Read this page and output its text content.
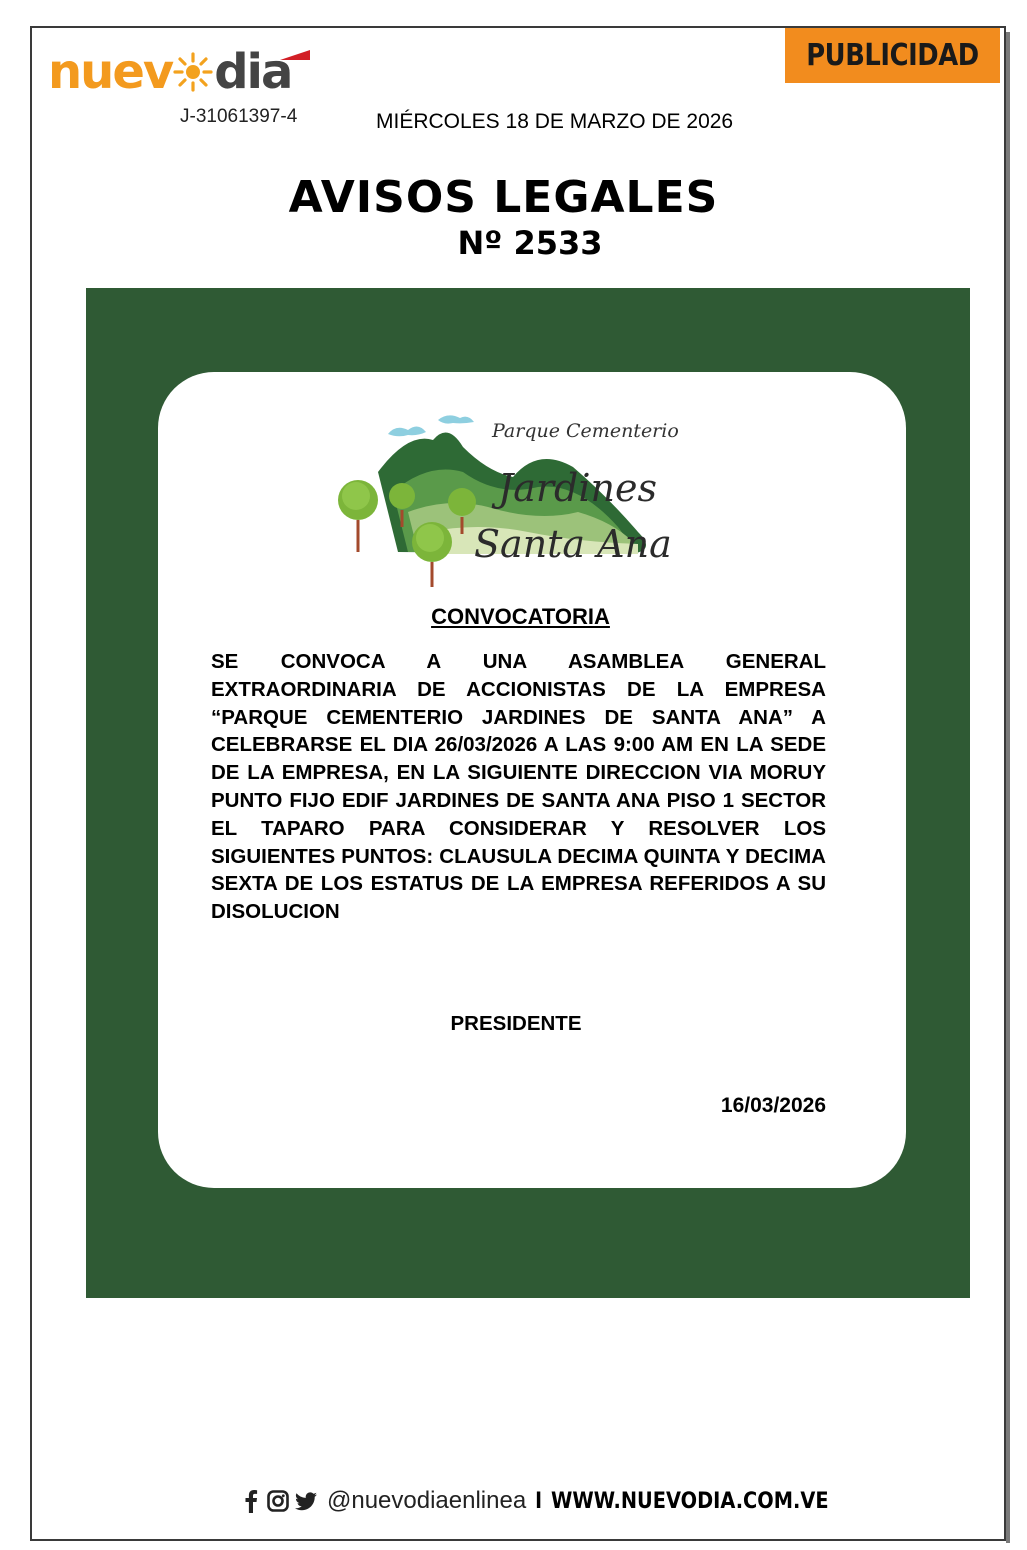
nuev dia
J-31061397-4
PUBLICIDAD
MIÉRCOLES 18 DE MARZO DE 2026
AVISOS LEGALES
Nº 2533
Parque Cementerio
Jardines
Santa Ana
CONVOCATORIA
SE CONVOCA A UNA ASAMBLEA GENERAL EXTRAORDINARIA DE ACCIONISTAS DE LA EMPRESA “PARQUE CEMENTERIO JARDINES DE SANTA ANA” A CELEBRARSE EL DIA 26/03/2026 A LAS 9:00 AM EN LA SEDE DE LA EMPRESA, EN LA SIGUIENTE DIRECCION VIA MORUY PUNTO FIJO EDIF JARDINES DE SANTA ANA PISO 1 SECTOR EL TAPARO PARA CONSIDERAR Y RESOLVER LOS SIGUIENTES PUNTOS: CLAUSULA DECIMA QUINTA Y DECIMA SEXTA DE LOS ESTATUS DE LA EMPRESA REFERIDOS A SU DISOLUCION
PRESIDENTE
16/03/2026
@nuevodiaenlinea I WWW.NUEVODIA.COM.VE
